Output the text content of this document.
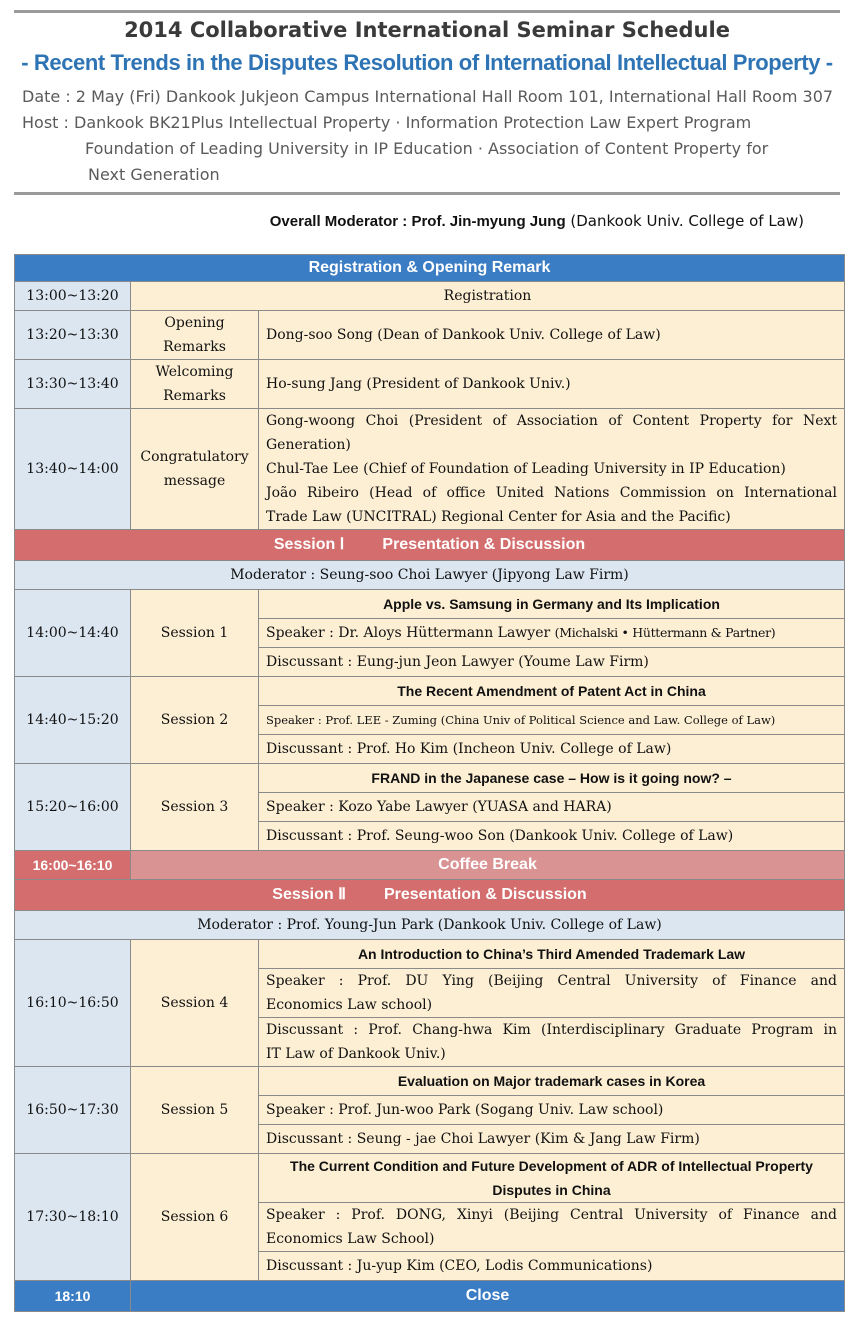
2014 Collaborative International Seminar Schedule
- Recent Trends in the Disputes Resolution of International Intellectual Property -
Date : 2 May (Fri) Dankook Jukjeon Campus International Hall Room 101, International Hall Room 307
Host : Dankook BK21Plus Intellectual Property · Information Protection Law Expert Program
Foundation of Leading University in IP Education · Association of Content Property for
Next Generation
Overall Moderator : Prof. Jin-myung Jung (Dankook Univ. College of Law)
Registration & Opening Remark		
13:00~13:20	Registration	
13:20~13:30	Opening Remarks	Dong-soo Song (Dean of Dankook Univ. College of Law)
13:30~13:40	Welcoming Remarks	Ho-sung Jang (President of Dankook Univ.)
13:40~14:00	Congratulatory message	Gong-woong Choi (President of Association of Content Property for Next
Generation)
Chul-Tae Lee (Chief of Foundation of Leading University in IP Education)
João Ribeiro (Head of office United Nations Commission on International
Trade Law (UNCITRAL) Regional Center for Asia and the Pacific)

Session Ⅰ Presentation & Discussion		
Moderator : Seung-soo Choi Lawyer (Jipyong Law Firm)		
14:00~14:40	Session 1	Apple vs. Samsung in Germany and Its Implication
		Speaker : Dr. Aloys Hüttermann Lawyer (Michalski • Hüttermann & Partner)
		Discussant : Eung-jun Jeon Lawyer (Youme Law Firm)
14:40~15:20	Session 2	The Recent Amendment of Patent Act in China
		Speaker : Prof. LEE - Zuming (China Univ of Political Science and Law. College of Law)
		Discussant : Prof. Ho Kim (Incheon Univ. College of Law)
15:20~16:00	Session 3	FRAND in the Japanese case – How is it going now? –
		Speaker : Kozo Yabe Lawyer (YUASA and HARA)
		Discussant : Prof. Seung-woo Son (Dankook Univ. College of Law)
16:00~16:10	Coffee Break	
Session Ⅱ Presentation & Discussion		
Moderator : Prof. Young-Jun Park (Dankook Univ. College of Law)		
16:10~16:50	Session 4	An Introduction to China’s Third Amended Trademark Law

		Speaker : Prof. DU Ying (Beijing Central University of Finance and
Economics Law school)

		Discussant : Prof. Chang-hwa Kim (Interdisciplinary Graduate Program in
IT Law of Dankook Univ.)

16:50~17:30	Session 5	Evaluation on Major trademark cases in Korea
		Speaker : Prof. Jun-woo Park (Sogang Univ. Law school)
		Discussant : Seung - jae Choi Lawyer (Kim & Jang Law Firm)
17:30~18:10	Session 6	The Current Condition and Future Development of ADR of Intellectual Property
Disputes in China

		Speaker : Prof. DONG, Xinyi (Beijing Central University of Finance and
Economics Law School)

		Discussant : Ju-yup Kim (CEO, Lodis Communications)
18:10	Close	
